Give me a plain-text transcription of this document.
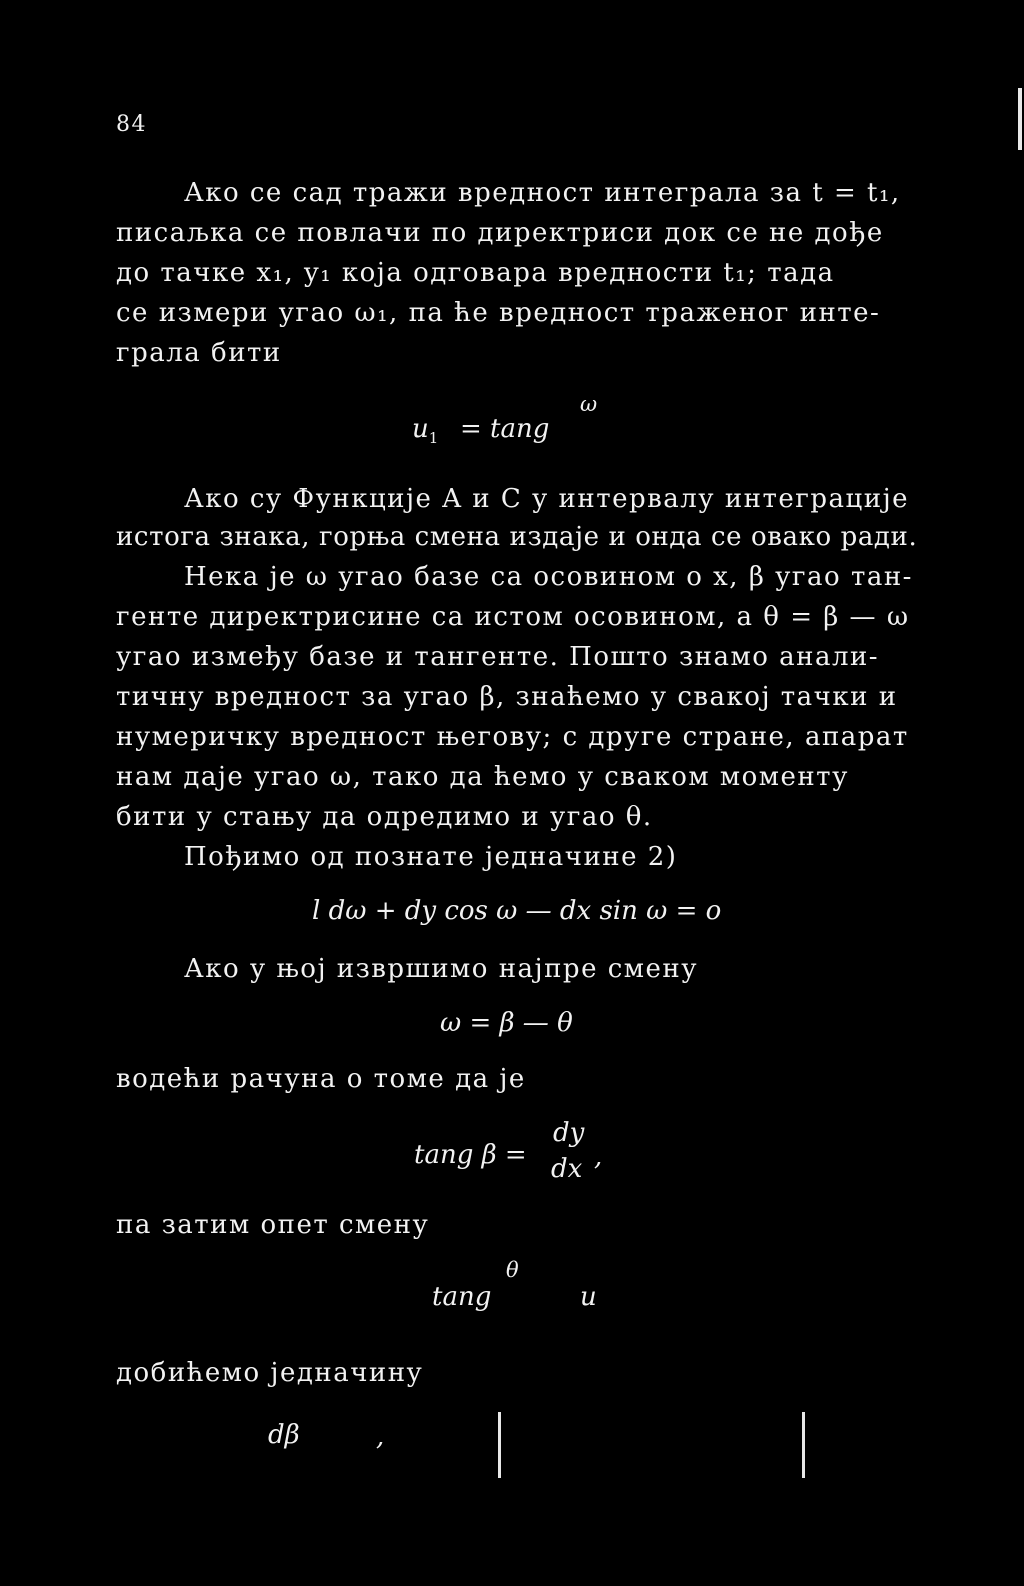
84
Ако се сад тражи вредност интеграла за t = t₁,
писаљка се повлачи по директриси док се не дођe
до тачке x₁, y₁ која одговара вредности t₁; тада
се измери угао ω₁, па ће вредност траженог инте-
грала бити
ω
$u_1 = \tan g$
Ако су Функције A и C у интервалу интеграције
истога знака, горња смена издаје и онда се овако ради.
Нека је ω угао базе са осовином о x, β угао тан-
генте директрисине са истом осовином, а θ = β — ω
угао између базе и тангенте. Пошто знамо анали-
тичну вредност за угао β, знаћемо у свакој тачки и
нумеричку вредност његову; с друге стране, апарат
нам даје угао ω, тако да ћемо у сваком моменту
бити у стању да одредимо и угао θ.
Пођимо од познате једначине 2)
l dω + dy cos ω — dx sin ω = o
Ако у њој извршимо најпре смену
ω = β — θ
водећи рачуна о томе да је
tang β =
dy
dx ,
па затим опет смену
θ
tang	u
добићемо једначину
dβ	,
